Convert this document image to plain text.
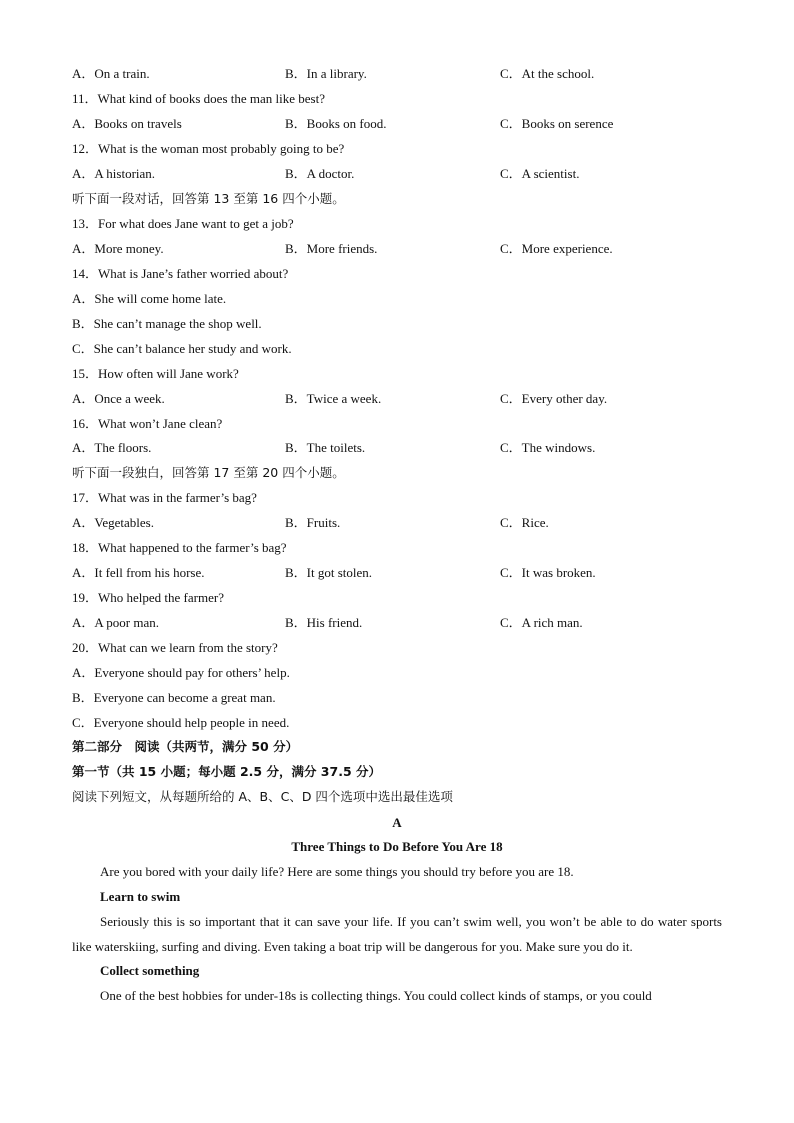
A．On a train.	B．In a library.	C．At the school.
11．What kind of books does the man like best?
A．Books on travels	B．Books on food.	C．Books on serence
12．What is the woman most probably going to be?
A．A historian.	B．A doctor.	C．A scientist.
听下面一段对话，回答第 13 至第 16 四个小题。
13．For what does Jane want to get a job?
A．More money.	B．More friends.	C．More experience.
14．What is Jane’s father worried about?
A．She will come home late.
B．She can’t manage the shop well.
C．She can’t balance her study and work.
15．How often will Jane work?
A．Once a week.	B．Twice a week.	C．Every other day.
16．What won’t Jane clean?
A．The floors.	B．The toilets.	C．The windows.
听下面一段独白，回答第 17 至第 20 四个小题。
17．What was in the farmer’s bag?
A．Vegetables.	B．Fruits.	C．Rice.
18．What happened to the farmer’s bag?
A．It fell from his horse.	B．It got stolen.	C．It was broken.
19．Who helped the farmer?
A．A poor man.	B．His friend.	C．A rich man.
20．What can we learn from the story?
A．Everyone should pay for others’ help.
B．Everyone can become a great man.
C．Everyone should help people in need.
第二部分　阅读（共两节，满分 50 分）
第一节（共 15 小题；每小题 2.5 分，满分 37.5 分）
阅读下列短文，从每题所给的 A、B、C、D 四个选项中选出最佳选项
A
Three Things to Do Before You Are 18
Are you bored with your daily life? Here are some things you should try before you are 18.
Learn to swim
Seriously this is so important that it can save your life. If you can’t swim well, you won’t be able to do water sports like waterskiing, surfing and diving. Even taking a boat trip will be dangerous for you. Make sure you do it.
Collect something
One of the best hobbies for under-18s is collecting things. You could collect kinds of stamps, or you could
